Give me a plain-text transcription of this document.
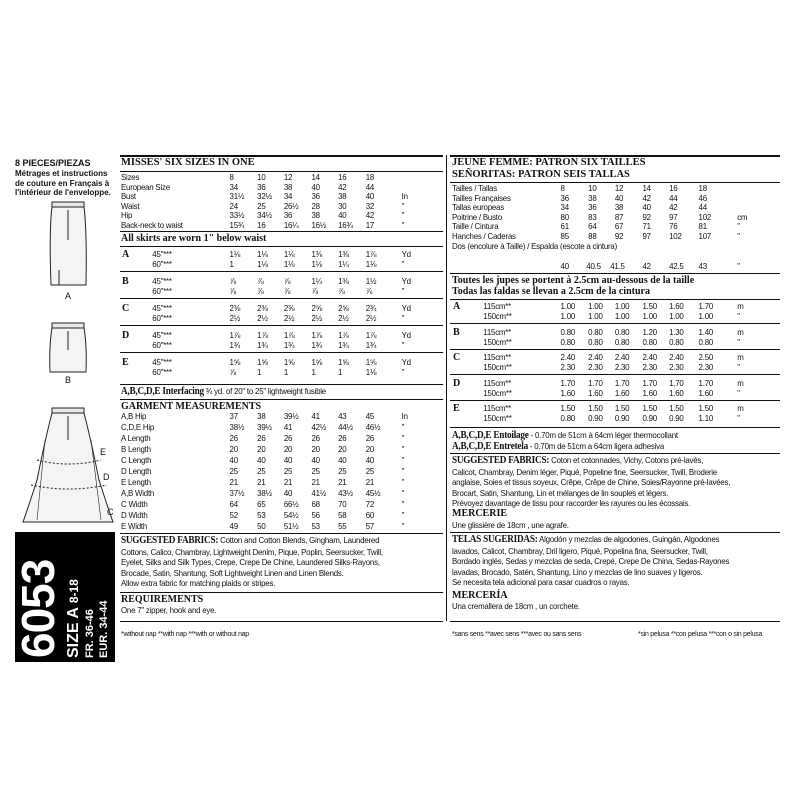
8 PIECES/PIEZAS
Métrages et instructions
de couture en Français à
l'intérieur de l'enveloppe.
A
B
E
D
C
6053 SIZE A 8-18
FR. 36-46 EUR. 34-44
MISSES' SIX SIZES IN ONE
Sizes	8	10 12 14 16 18
European Size	34 36 38 40 42 44
Bust	31½ 32½ 34 36 38 40	In
Waist	24 25 26½ 28 30 32	"
Hip	33½ 34½ 36 38 40 42	"
Back-neck to waist	15¾ 16 16¼ 16½ 16¾ 17	"
All skirts are worn 1" below waist
A	45"***	1⅛ 1⅛ 1⅛ 1⅜ 1⅜ 1⅞	Yd
60"***	1	1⅛ 1⅛ 1⅛ 1¼ 1⅛	"
B	45"***	⅞ ⅞ ⅞ 1¼ 1⅜ 1½	Yd
60"***	⅞ ⅞ ⅞ ⅞ ⅞ ⅞	"
C	45"***	2⅜ 2⅜ 2⅜ 2⅝ 2⅝ 2¾	Yd
60"***	2½ 2½ 2½ 2½ 2½ 2½	"
D	45"***	1⅞ 1⅞ 1⅞ 1⅞ 1⅞ 1⅞	Yd
60"***	1¾ 1¾ 1¾ 1¾ 1¾ 1¾	"
E	45"***	1⅝ 1⅝ 1⅝ 1⅝ 1⅝ 1⅝	Yd
60"***	⅞ 1	1	1	1	1⅛	"
A,B,C,D,E Interfacing ¾ yd. of 20" to 25" lightweight fusible
GARMENT MEASUREMENTS
A,B Hip	37 38 39½ 41 43 45	In
C,D,E Hip	38½ 39½ 41 42½ 44½ 46½ "
A Length	26 26 26 26 26 26	"
B Length	20 20 20 20 20 20	"
C Length	40 40 40 40 40 40	"
D Length	25 25 25 25 25 25	"
E Length	21 21 21 21 21 21	"
A,B Width	37½ 38½ 40 41½ 43½ 45½ "
C Width	64 65 66½ 68 70 72	"
D Width	52 53 54½ 56 58 60	"
E Width	49 50 51½ 53 55 57	"
SUGGESTED FABRICS: Cotton and Cotton Blends, Gingham, Laundered
Cottons, Calico, Chambray, Lightweight Denim, Pique, Poplin, Seersucker, Twill,
Eyelet, Silks and Silk Types, Crepe, Crepe De Chine, Laundered Silks-Rayons,
Brocade, Satin, Shantung, Soft Lightweight Linen and Linen Blends.
Allow extra fabric for matching plaids or stripes.
REQUIREMENTS
One 7" zipper, hook and eye.
*without nap **with nap ***with or without nap
JEUNE FEMME: PATRON SIX TAILLES
SEÑORITAS: PATRON SEIS TALLAS
Tailles / Tallas	8	10 12 14 16 18
Tailles Françaises	36 38 40 42 44 46
Tallas europeas	34 36 38 40 42 44
Poitrine / Busto	80 83 87 92 97 102	cm
Taille / Cintura	61 64 67 71 76 81	"
Hanches / Caderas	85 88 92 97 102 107	"
Dos (encolure à Taille) / Espalda (escote a cintura)
40 40.5 41.5 42 42.5 43	"
Toutes les jupes se portent à 2.5cm au-dessous de la taille
Todas las faldas se llevan a 2.5cm de la cintura
A	115cm**	1.00 1.00 1.00 1.50 1.60 1.70	m
150cm**	1.00 1.00 1.00 1.00 1.00 1.00	"
B	115cm**	0.80 0.80 0.80 1.20 1.30 1.40	m
150cm**	0.80 0.80 0.80 0.80 0.80 0.80	"
C	115cm**	2.40 2.40 2.40 2.40 2.40 2.50	m
150cm**	2.30 2.30 2.30 2.30 2.30 2.30	"
D	115cm**	1.70 1.70 1.70 1.70 1.70 1.70	m
150cm**	1.60 1.60 1.60 1.60 1.60 1.60	"
E	115cm**	1.50 1.50 1.50 1.50 1.50 1.50	m
150cm**	0.80 0.90 0.90 0.90 0.90 1.10	"
A,B,C,D,E Entoilage - 0.70m de 51cm à 64cm léger thermocollant
A,B,C,D,E Entretela - 0.70m de 51cm a 64cm ligera adhesiva
SUGGESTED FABRICS: Coton et cotonnades, Vichy, Cotons pré-lavés,
Calicot, Chambray, Denim léger, Piqué, Popeline fine, Seersucker, Twill, Broderie
anglaise, Soies et tissus soyeux, Crêpe, Crêpe de Chine, Soies/Rayonne pré-lavées,
Brocart, Satin, Shantung, Lin et mélanges de lin souples et légers.
Prévoyez davantage de tissu pour raccorder les rayures ou les écossais.
MERCERIE
Une glissière de 18cm , une agrafe.
TELAS SUGERIDAS: Algodón y mezclas de algodones, Guingán, Algodones
lavados, Calicot, Chambray, Dril ligero, Piqué, Popelina fina, Seersucker, Twill,
Bordado inglés, Sedas y mezclas de seda, Crepé, Crepe De China, Sedas-Rayones
lavadas, Brocado, Satén, Shantung, Lino y mezclas de lino suaves y ligeros.
Se necesita tela adicional para casar cuadros o rayas.
MERCERÍA
Una cremallera de 18cm , un corchete.
*sans sens **avec sens ***avec ou sans sens	*sin pelusa **con pelusa ***con o sin pelusa
